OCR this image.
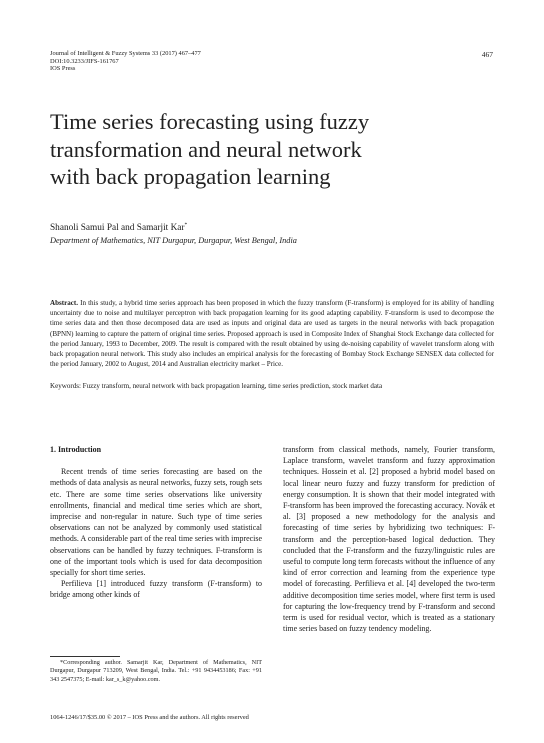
Journal of Intelligent & Fuzzy Systems 33 (2017) 467–477
DOI:10.3233/JIFS-161767
IOS Press
467
Time series forecasting using fuzzy
transformation and neural network
with back propagation learning
Shanoli Samui Pal and Samarjit Kar*
Department of Mathematics, NIT Durgapur, Durgapur, West Bengal, India
Abstract. In this study, a hybrid time series approach has been proposed in which the fuzzy transform (F-transform) is employed for its ability of handling uncertainty due to noise and multilayer perceptron with back propagation learning for its good adapting capability. F-transform is used to decompose the time series data and then those decomposed data are used as inputs and original data are used as targets in the neural networks with back propagation (BPNN) learning to capture the pattern of original time series. Proposed approach is used in Composite Index of Shanghai Stock Exchange data collected for the period January, 1993 to December, 2009. The result is compared with the result obtained by using de-noising capability of wavelet transform along with back propagation neural network. This study also includes an empirical analysis for the forecasting of Bombay Stock Exchange SENSEX data collected for the period January, 2002 to August, 2014 and Australian electricity market – Price.
Keywords: Fuzzy transform, neural network with back propagation learning, time series prediction, stock market data

1. Introduction

Recent trends of time series forecasting are based on the methods of data analysis as neural networks, fuzzy sets, rough sets etc. There are some time series observations like university enrollments, financial and medical time series which are short, imprecise and non-regular in nature. Such type of time series observations can not be analyzed by commonly used statistical methods. A considerable part of the real time series with imprecise observations can be handled by fuzzy techniques. F-transform is one of the important tools which is used for data decomposition specially for short time series.

Perfilieva [1] introduced fuzzy transform (F-transform) to bridge among other kinds of

transform from classical methods, namely, Fourier transform, Laplace transform, wavelet transform and fuzzy approximation techniques. Hossein et al. [2] proposed a hybrid model based on local linear neuro fuzzy and fuzzy transform for prediction of energy consumption. It is shown that their model integrated with F-transform has been improved the forecasting accuracy. Novák et al. [3] proposed a new methodology for the analysis and forecasting of time series by hybridizing two techniques: F-transform and the perception-based logical deduction. They concluded that the F-transform and the fuzzy/linguistic rules are useful to compute long term forecasts without the influence of any kind of error correction and learning from the experience type model of forecasting. Perfilieva et al. [4] developed the two-term additive decomposition time series model, where first term is used for capturing the low-frequency trend by F-transform and second term is used for residual vector, which is treated as a stationary time series based on fuzzy tendency modeling.

*Corresponding author. Samarjit Kar, Department of Mathematics, NIT Durgapur, Durgapur 713209, West Bengal, India. Tel.: +91 9434453186; Fax: +91 343 2547375; E-mail: kar_s_k@yahoo.com.
1064-1246/17/$35.00 © 2017 – IOS Press and the authors. All rights reserved
